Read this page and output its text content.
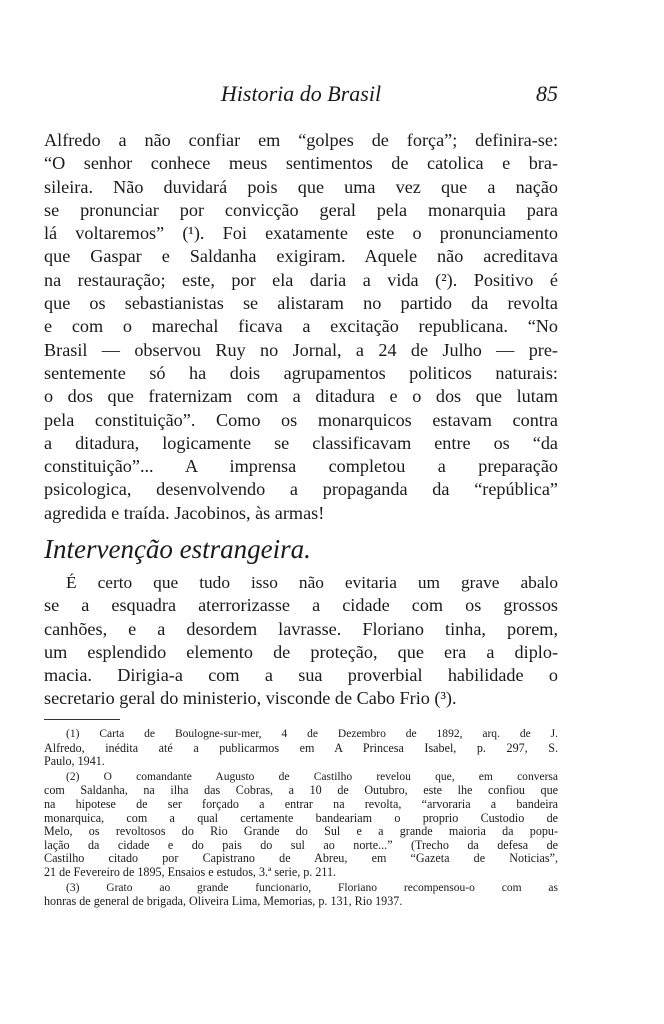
Historia do Brasil	85
Alfredo a não confiar em “golpes de força”; definira-se:
“O senhor conhece meus sentimentos de catolica e bra-
sileira. Não duvidará pois que uma vez que a nação
se pronunciar por convicção geral pela monarquia para
lá voltaremos” (¹). Foi exatamente este o pronunciamento
que Gaspar e Saldanha exigiram. Aquele não acreditava
na restauração; este, por ela daria a vida (²). Positivo é
que os sebastianistas se alistaram no partido da revolta
e com o marechal ficava a excitação republicana. “No
Brasil — observou Ruy no Jornal, a 24 de Julho — pre-
sentemente só ha dois agrupamentos politicos naturais:
o dos que fraternizam com a ditadura e o dos que lutam
pela constituição”. Como os monarquicos estavam contra
a ditadura, logicamente se classificavam entre os “da
constituição”... A imprensa completou a preparação
psicologica, desenvolvendo a propaganda da “república”
agredida e traída. Jacobinos, às armas!
Intervenção estrangeira.
É certo que tudo isso não evitaria um grave abalo
se a esquadra aterrorizasse a cidade com os grossos
canhões, e a desordem lavrasse. Floriano tinha, porem,
um esplendido elemento de proteção, que era a diplo-
macia. Dirigia-a com a sua proverbial habilidade o
secretario geral do ministerio, visconde de Cabo Frio (³).
(1) Carta de Boulogne-sur-mer, 4 de Dezembro de 1892, arq. de J.
Alfredo, inédita até a publicarmos em A Princesa Isabel, p. 297, S.
Paulo, 1941.
(2) O comandante Augusto de Castilho revelou que, em conversa
com Saldanha, na ilha das Cobras, a 10 de Outubro, este lhe confiou que
na hipotese de ser forçado a entrar na revolta, “arvoraria a bandeira
monarquica, com a qual certamente bandeariam o proprio Custodio de
Melo, os revoltosos do Rio Grande do Sul e a grande maioria da popu-
lação da cidade e do pais do sul ao norte...” (Trecho da defesa de
Castilho citado por Capistrano de Abreu, em “Gazeta de Noticias”,
21 de Fevereiro de 1895, Ensaios e estudos, 3.ª serie, p. 211.
(3) Grato ao grande funcionario, Floriano recompensou-o com as
honras de general de brigada, Oliveira Lima, Memorias, p. 131, Rio 1937.
